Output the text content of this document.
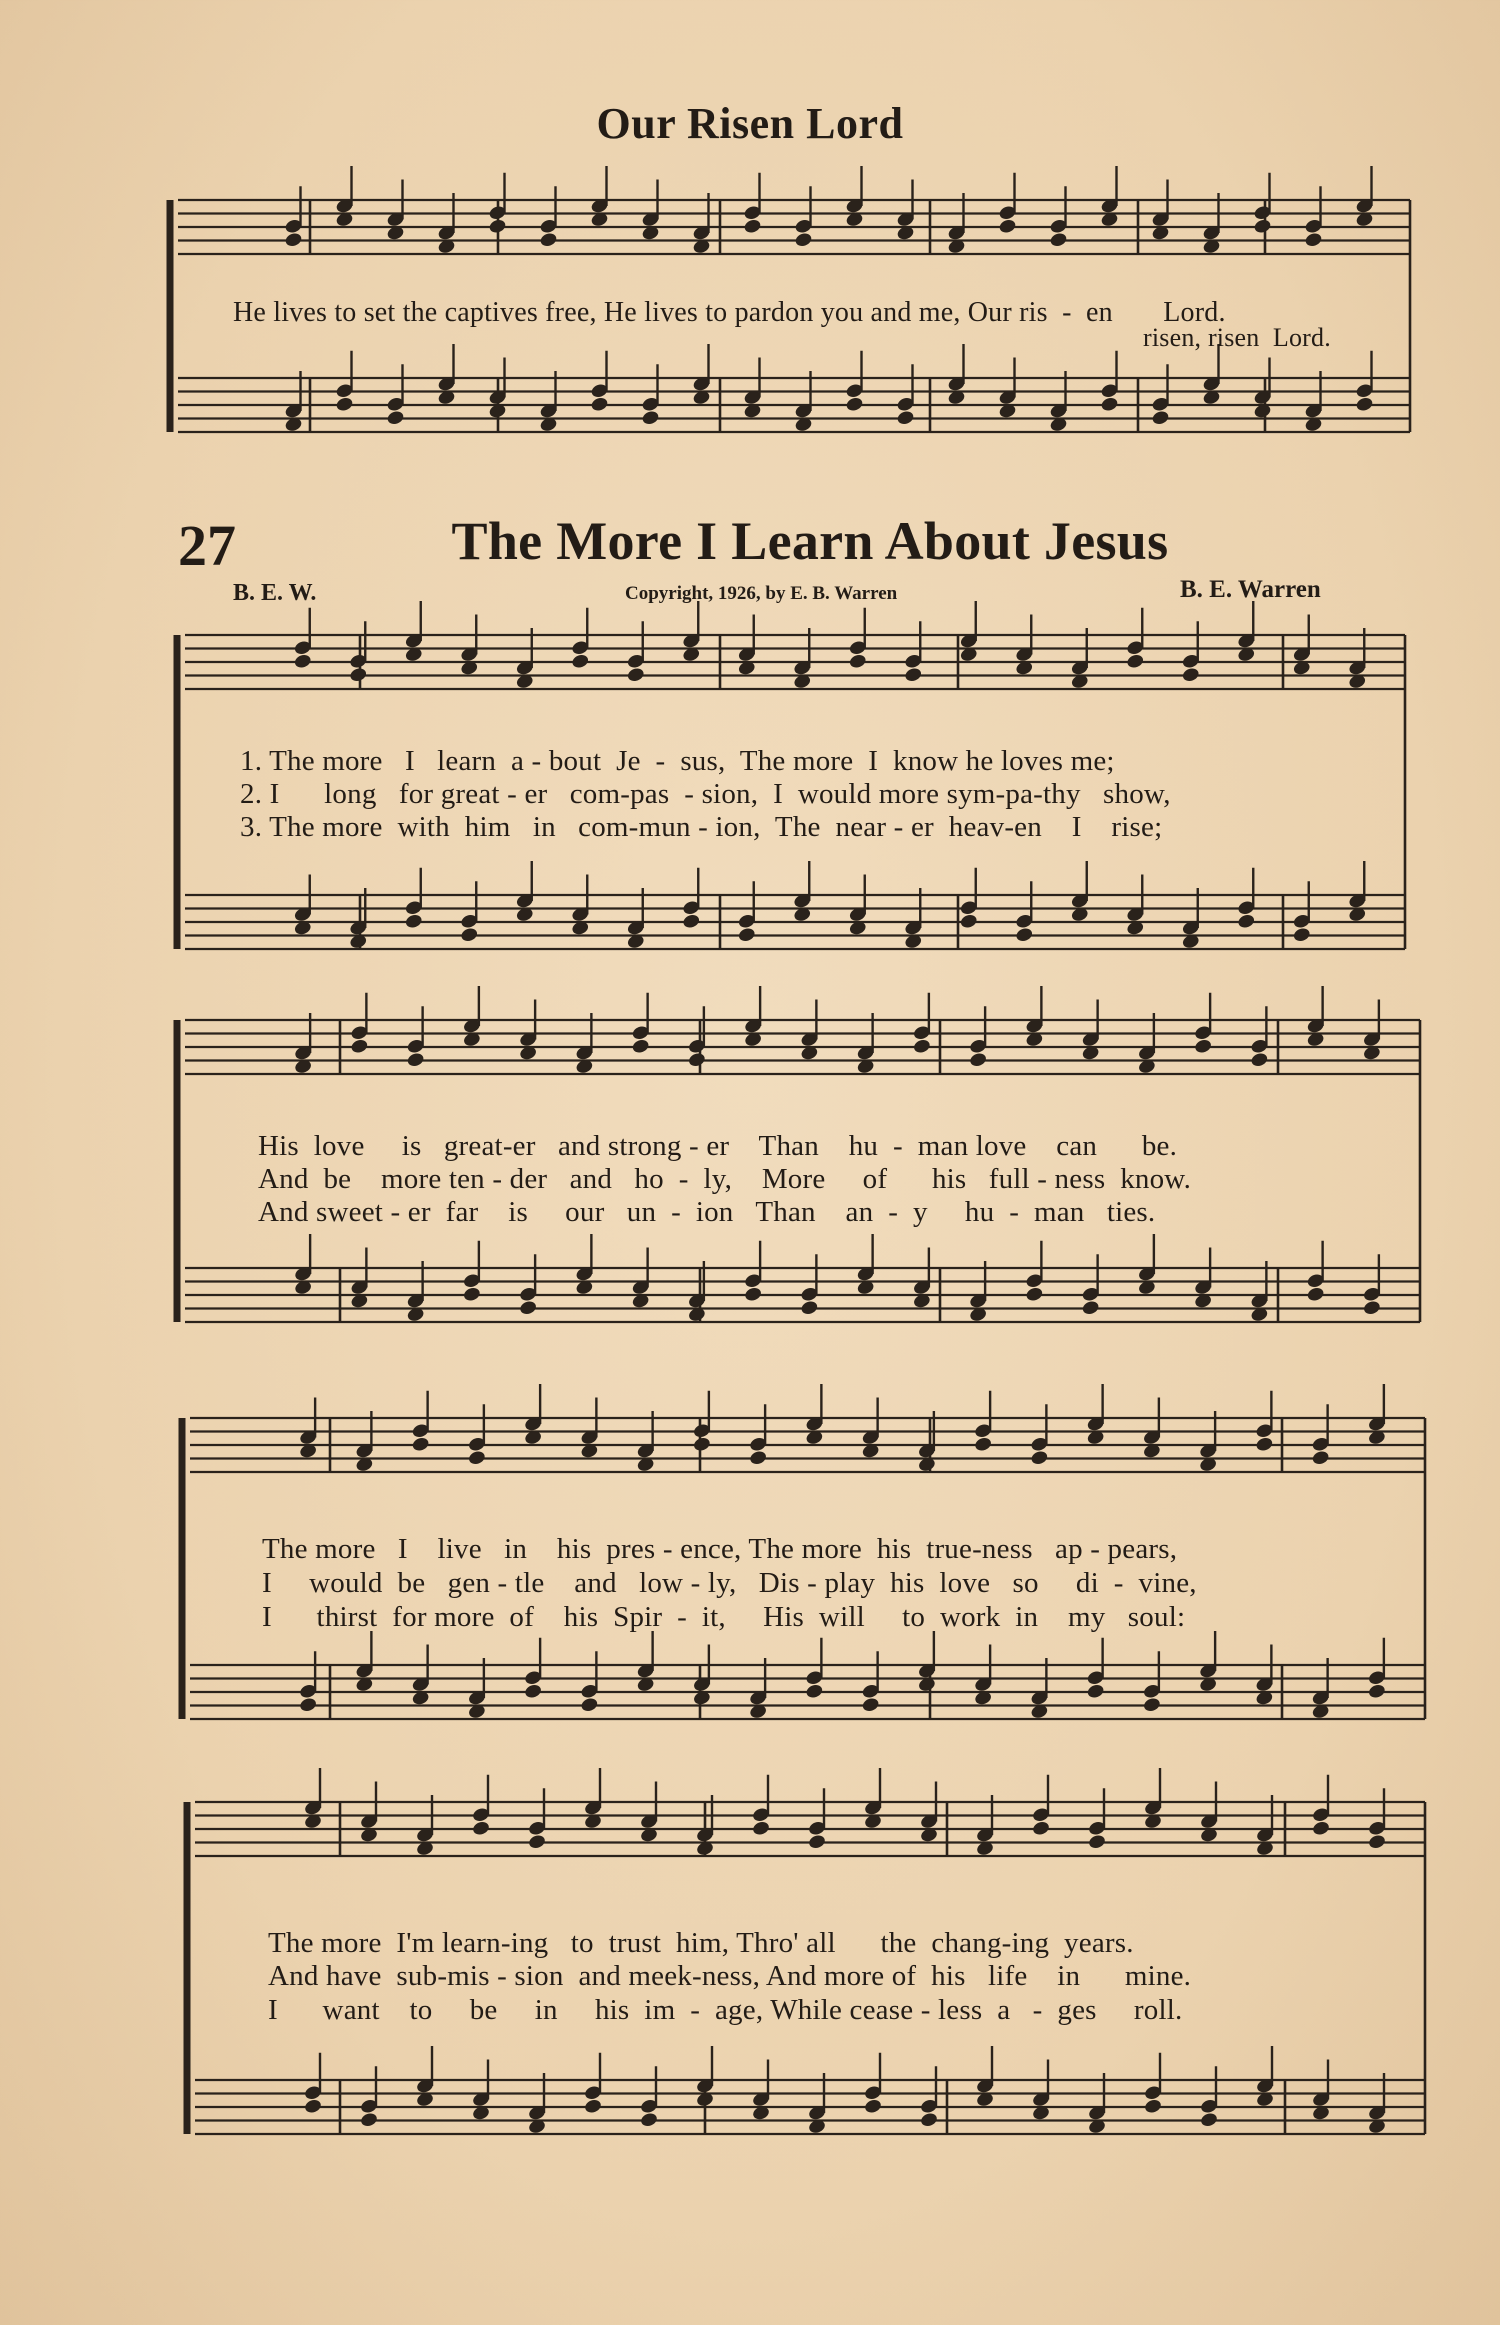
Our Risen Lord
He lives to set the captives free, He lives to pardon you and me, Our ris  -  en       Lord.
risen, risen  Lord.
27	The More I Learn About Jesus
B. E. W.	Copyright, 1926, by E. B. Warren	B. E. Warren
1. The more   I   learn  a - bout  Je  -  sus,  The more  I  know he loves me;
2. I      long   for great - er   com-pas  - sion,  I  would more sym-pa-thy   show,
3. The more  with  him   in   com-mun - ion,  The  near - er  heav-en    I    rise;
His  love     is   great-er   and strong - er    Than    hu  -  man love    can      be.
And  be    more ten - der   and   ho  -  ly,    More     of      his   full - ness  know.
And sweet - er  far    is     our   un  -  ion   Than    an  -  y     hu  -  man   ties.
The more   I    live   in    his  pres - ence, The more  his  true-ness   ap - pears,
I     would  be   gen - tle    and   low - ly,   Dis - play  his  love   so     di  -  vine,
I      thirst  for more  of    his  Spir  -  it,     His  will     to  work  in    my   soul:
The more  I'm learn-ing   to  trust  him, Thro' all      the  chang-ing  years.
And have  sub-mis - sion  and meek-ness, And more of  his   life    in      mine.
I      want    to     be     in     his  im  -  age, While cease - less  a   -  ges     roll.
